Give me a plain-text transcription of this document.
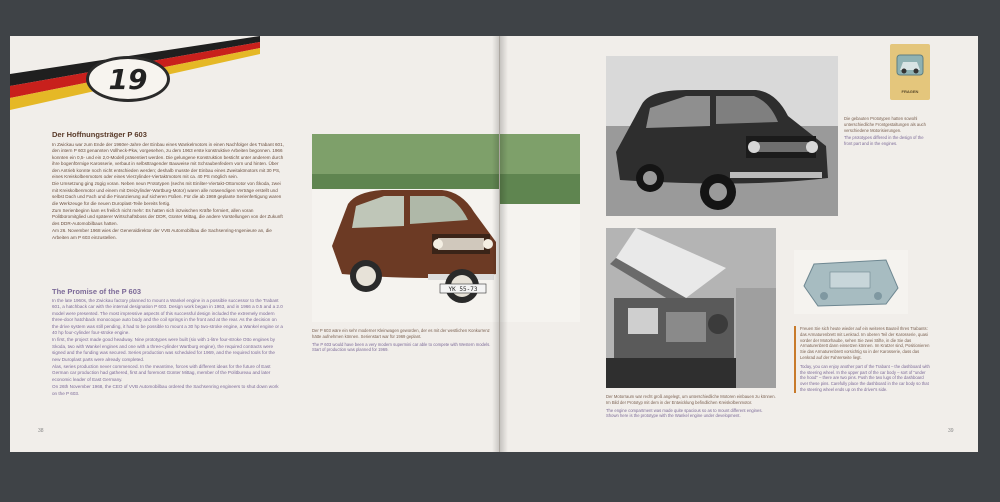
19
Der Hoffnungsträger P 603

In Zwickau war zum Ende der 1960er-Jahre der Einbau eines Wankelmotors in einen Nachfolger des Trabant 601, den intern P 603 genannten Vollheck-Pkw, vorgesehen, zu dem 1963 erste konstruktive Arbeiten begonnen. 1966 konnten ein 0,5- und ein 2,0-Modell präsentiert werden. Die gelungene Konstruktion besticht unter anderem durch ihre bogenförmige Karosserie, verbaut in selbsttragender Bauweise mit Schraubenfedern vorn und hinten. Über den Antrieb konnte noch nicht entschieden werden; deshalb musste der Einbau eines Zweitaktmotors mit 30 PS, eines Kreiskolbenmotors oder eines Vierzylinder-Viertaktmotors mit ca. 40 PS möglich sein.

Die Umsetzung ging zügig voran. Neben neun Prototypen (sechs mit Einliter-Viertakt-Ottomotor von Škoda, zwei mit Kreiskolbenmotor und einem mit Dreizylinder-Wartburg-Motor) waren alle notwendigen Verträge erstellt und selbst Dach und Fach und die Finanzierung auf sicheren Füßen. Für die ab 1969 geplante Serienfertigung waren die Werkzeuge für die neuen Duroplast-Teile bereits fertig.

Zum Serienbeginn kam es freilich nicht mehr: Es hatten sich inzwischen Kräfte formiert, allen voran Politbüromitglied und späterer Wirtschaftsboss der DDR, Günter Mittag, die andere Vorstellungen von der Zukunft des DDR-Automobilbaus hatten.

Am 26. November 1968 wies der Generaldirektor der VVB Automobilbau die Sachsenring-Ingenieure an, die Arbeiten am P 603 einzustellen.

The Promise of the P 603

In the late 1960s, the Zwickau factory planned to mount a Wankel engine in a possible successor to the Trabant 601, a hatchback car with the internal designation P 603. Design work began in 1963, and in 1966 a 0.5 and a 2.0 model were presented. The most impressive aspects of this successful design included the extremely modern three-door hatchback monocoque auto body and the coil springs in the front and at the rear. As the decision on the drive system was still pending, it had to be possible to mount a 30 hp two-stroke engine, a Wankel engine or a 40 hp four-cylinder four-stroke engine.

In first, the project made good headway. Nine prototypes were built (six with 1-litre four-stroke Otto engines by Skoda, two with Wankel engines and one with a three-cylinder Wartburg engine), the required contracts were signed and the funding was secured. Series production was scheduled for 1969, and the required tools for the new Duroplast parts were already completed.

Alas, series production never commenced. In the meantime, forces with different ideas for the future of East German car production had gathered, first and foremost Günter Mittag, member of the Politbureau and later economic leader of East Germany.

On 26th November 1968, the CEO of VVB Automobilbau ordered the Sachsenring engineers to shut down work on the P 603.

38
YK 55-73

Der P 603 wäre ein sehr moderner Kleinwagen geworden, der es mit der westlichen Konkurrenz hätte aufnehmen können. Serienstart war für 1969 geplant.

The P 603 would have been a very modern supermini car able to compete with Western models. Start of production was planned for 1969.

Die gebauten Prototypen hatten sowohl unterschiedliche Frontgestaltungen als auch verschiedene Motorisierungen.

The prototypes differed in the design of the front part and in the engines.

Der Motorraum war recht groß angelegt, um unterschiedliche Motoren einbauen zu können. Im Bild der Prototyp mit dem in der Entwicklung befindlichen Kreiskolbenmotor.

The engine compartment was made quite spacious so as to mount different engines. Shown here is the prototype with the Wankel engine under development.

Freuen Sie sich heute wieder auf ein weiteres Bauteil Ihres Trabants: das Armaturenbrett mit Lenkrad. Im oberen Teil der Karosserie, quasi vorder der Motorhaube, sehen Sie zwei Stifte, in die Sie das Armaturenbrett dann einsetzen können. Im Kratzer sind, Positionieren Sie das Armaturenbrett vorsichtig so in der Karosserie, dass das Lenkrad auf der Fahrerseite liegt.

Today, you can enjoy another part of the Trabant – the dashboard with the steering wheel. In the upper part of the car body – sort of "under the hood" – there are two pins. Push the two lugs of the dashboard over these pins. Carefully place the dashboard in the car body so that the steering wheel ends up on the driver's side.

39
FRAGEN
